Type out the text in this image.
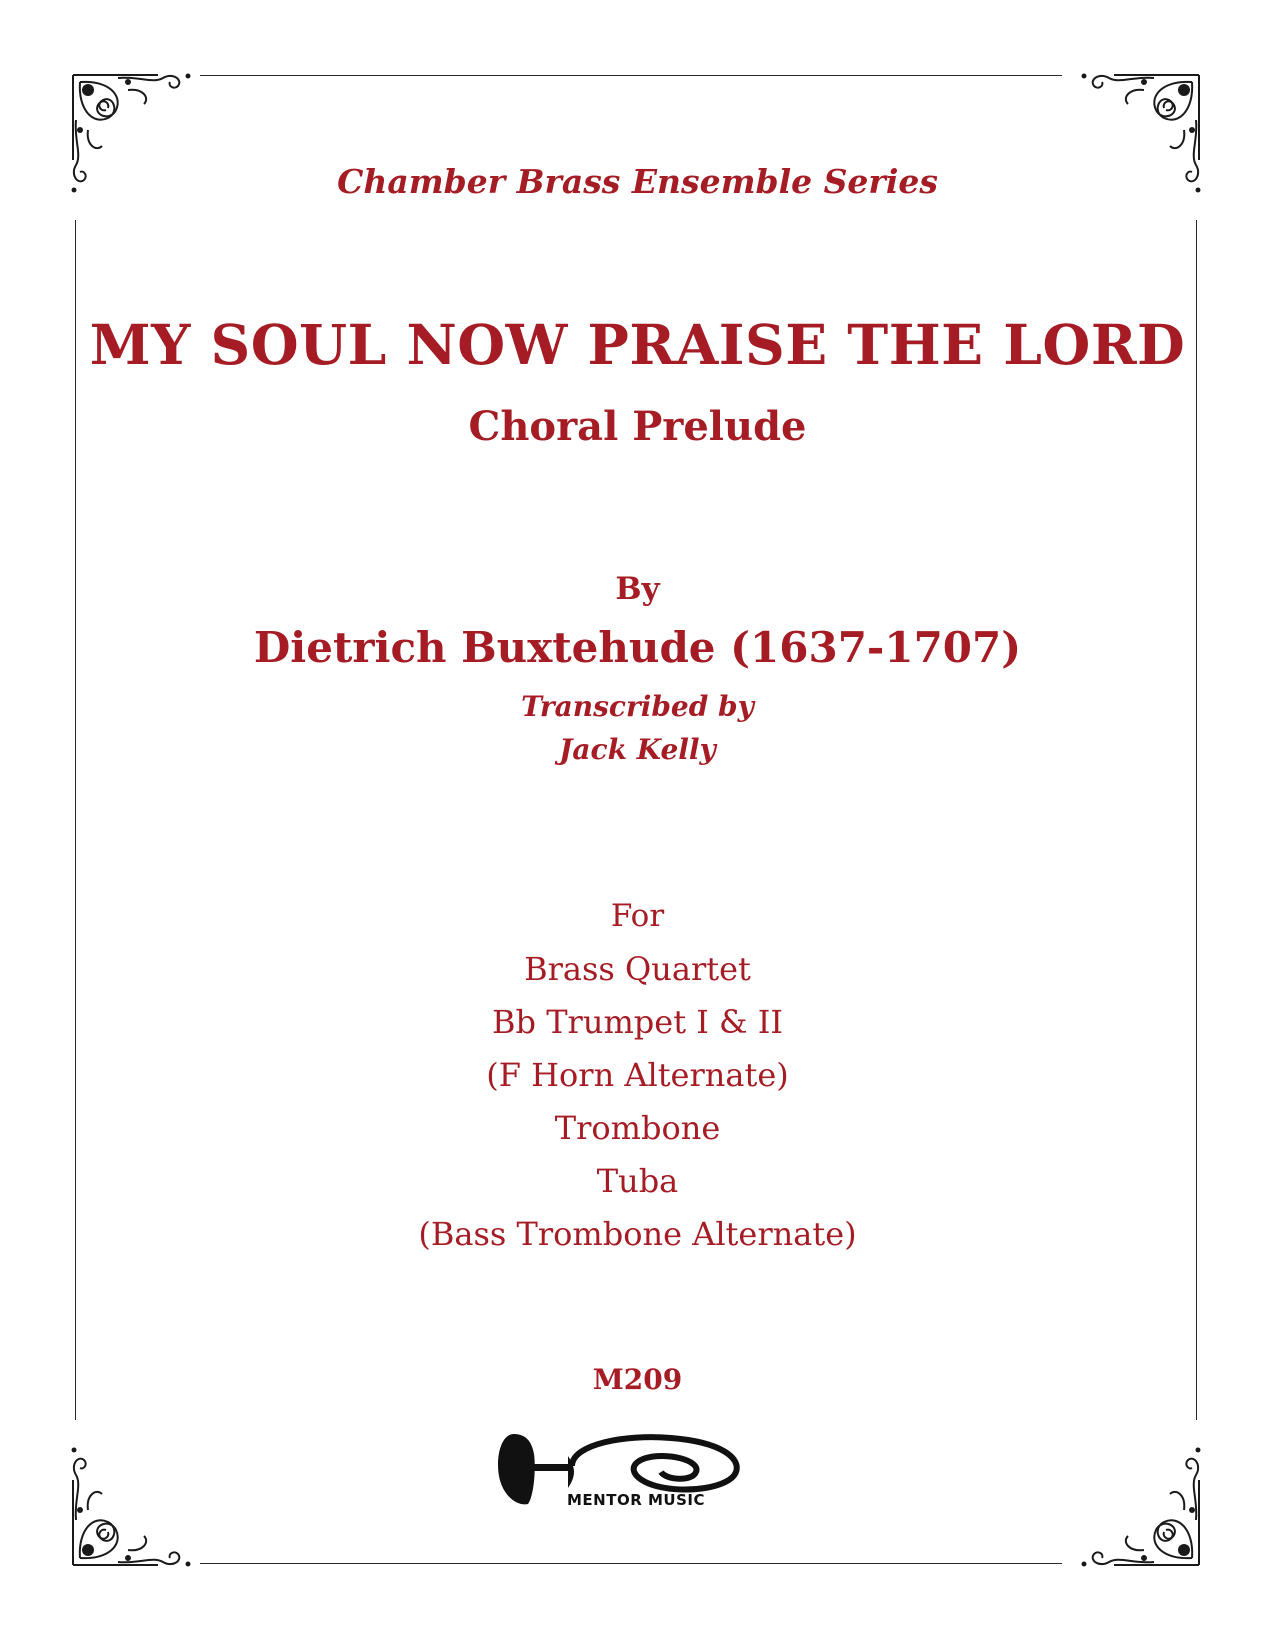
Chamber Brass Ensemble Series
MY SOUL NOW PRAISE THE LORD
Choral Prelude
By
Dietrich Buxtehude (1637-1707)
Transcribed by
Jack Kelly
For
Brass Quartet
Bb Trumpet I & II
(F Horn Alternate)
Trombone
Tuba
(Bass Trombone Alternate)
M209
MENTOR MUSIC
